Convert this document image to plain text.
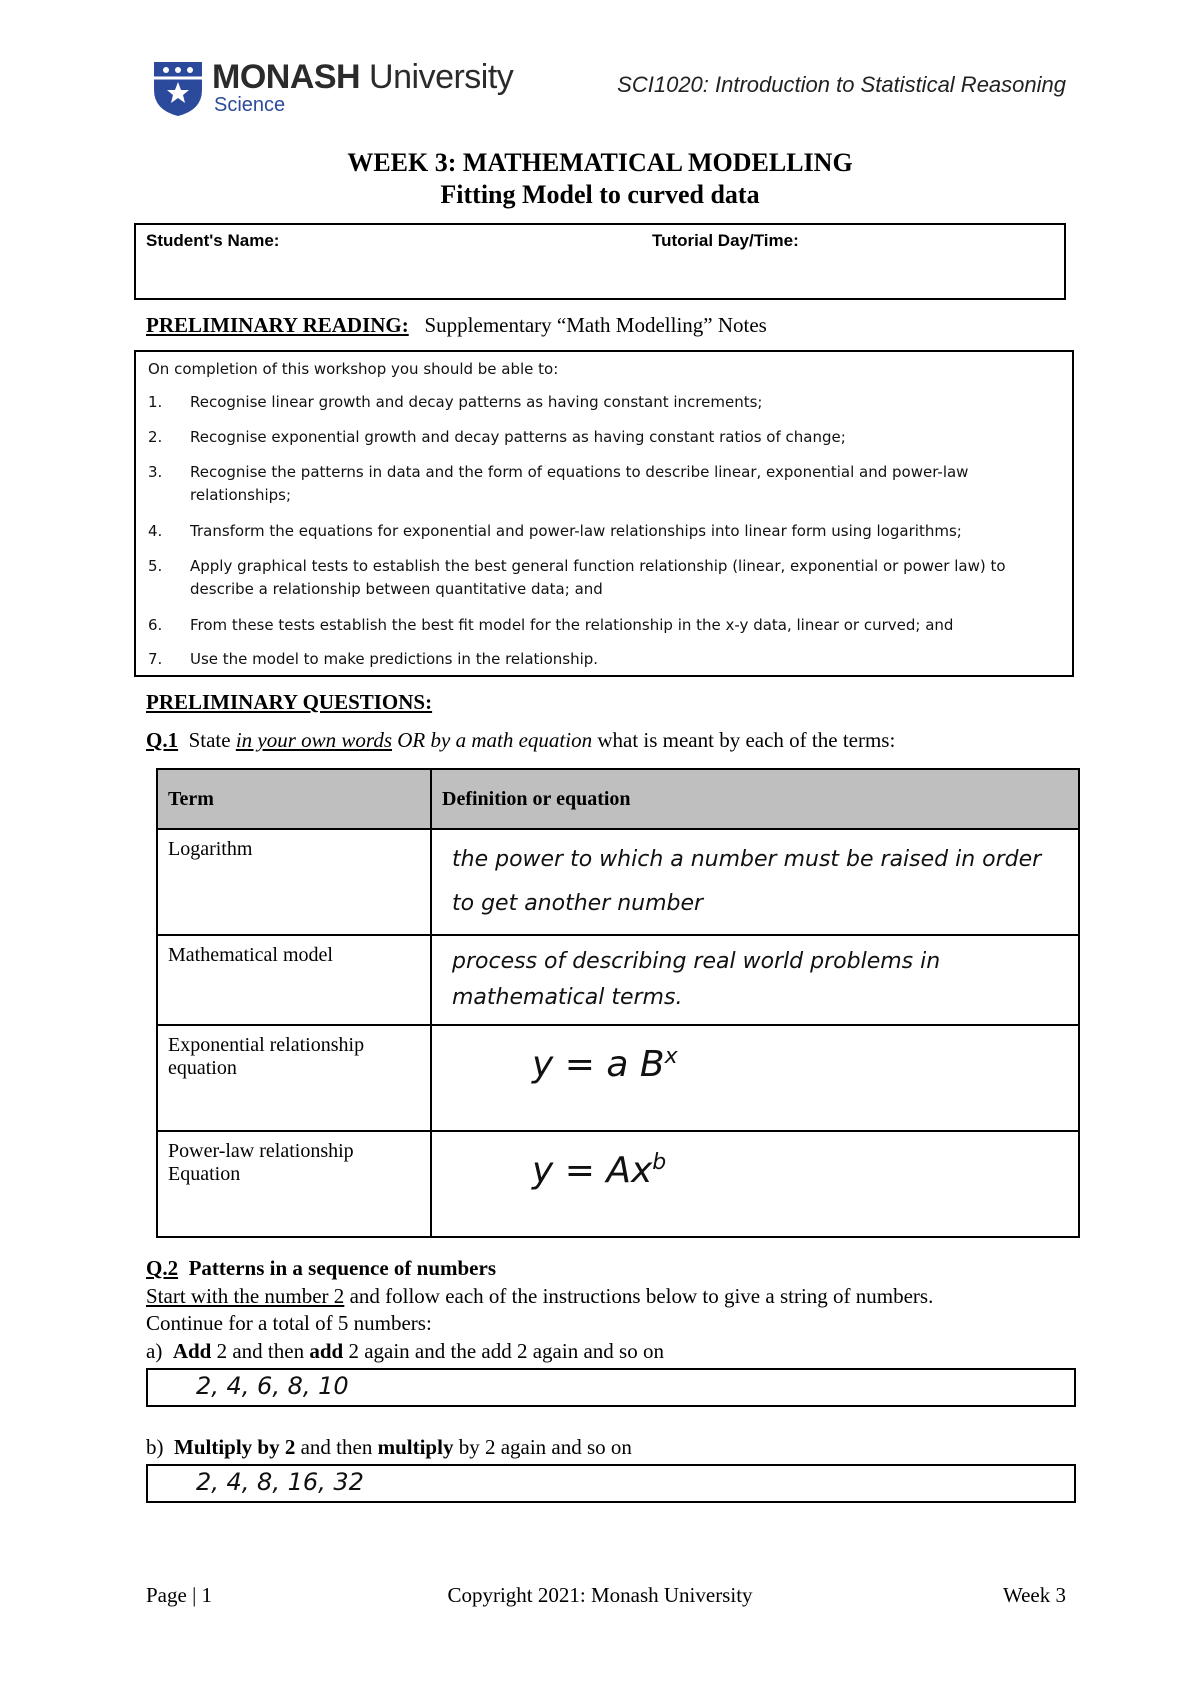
MONASH University
Science
SCI1020: Introduction to Statistical Reasoning
WEEK 3: MATHEMATICAL MODELLING
Fitting Model to curved data
Student's Name:	Tutorial Day/Time:
PRELIMINARY READING:   Supplementary “Math Modelling” Notes
On completion of this workshop you should be able to:
1.	Recognise linear growth and decay patterns as having constant increments;
2.	Recognise exponential growth and decay patterns as having constant ratios of change;
3.	Recognise the patterns in data and the form of equations to describe linear, exponential and power-law relationships;
4.	Transform the equations for exponential and power-law relationships into linear form using logarithms;
5.	Apply graphical tests to establish the best general function relationship (linear, exponential or power law) to describe a relationship between quantitative data; and
6.	From these tests establish the best fit model for the relationship in the x-y data, linear or curved; and
7.	Use the model to make predictions in the relationship.
PRELIMINARY QUESTIONS:
Q.1  State in your own words OR by a math equation what is meant by each of the terms:
Term	Definition or equation
Logarithm	the power to which a number must be raised in order to get another number

Mathematical model	process of describing real world problems in mathematical terms.

Exponential relationship equation	y = a $B^x$

Power-law relationship Equation	$y = Ax^b$
Q.2  Patterns in a sequence of numbers
Start with the number 2 and follow each of the instructions below to give a string of numbers.
Continue for a total of 5 numbers:
a)  Add 2 and then add 2 again and the add 2 again and so on
2, 4, 6, 8, 10
b)  Multiply by 2 and then multiply by 2 again and so on
2, 4, 8, 16, 32
Page | 1	Copyright 2021: Monash University	Week 3
